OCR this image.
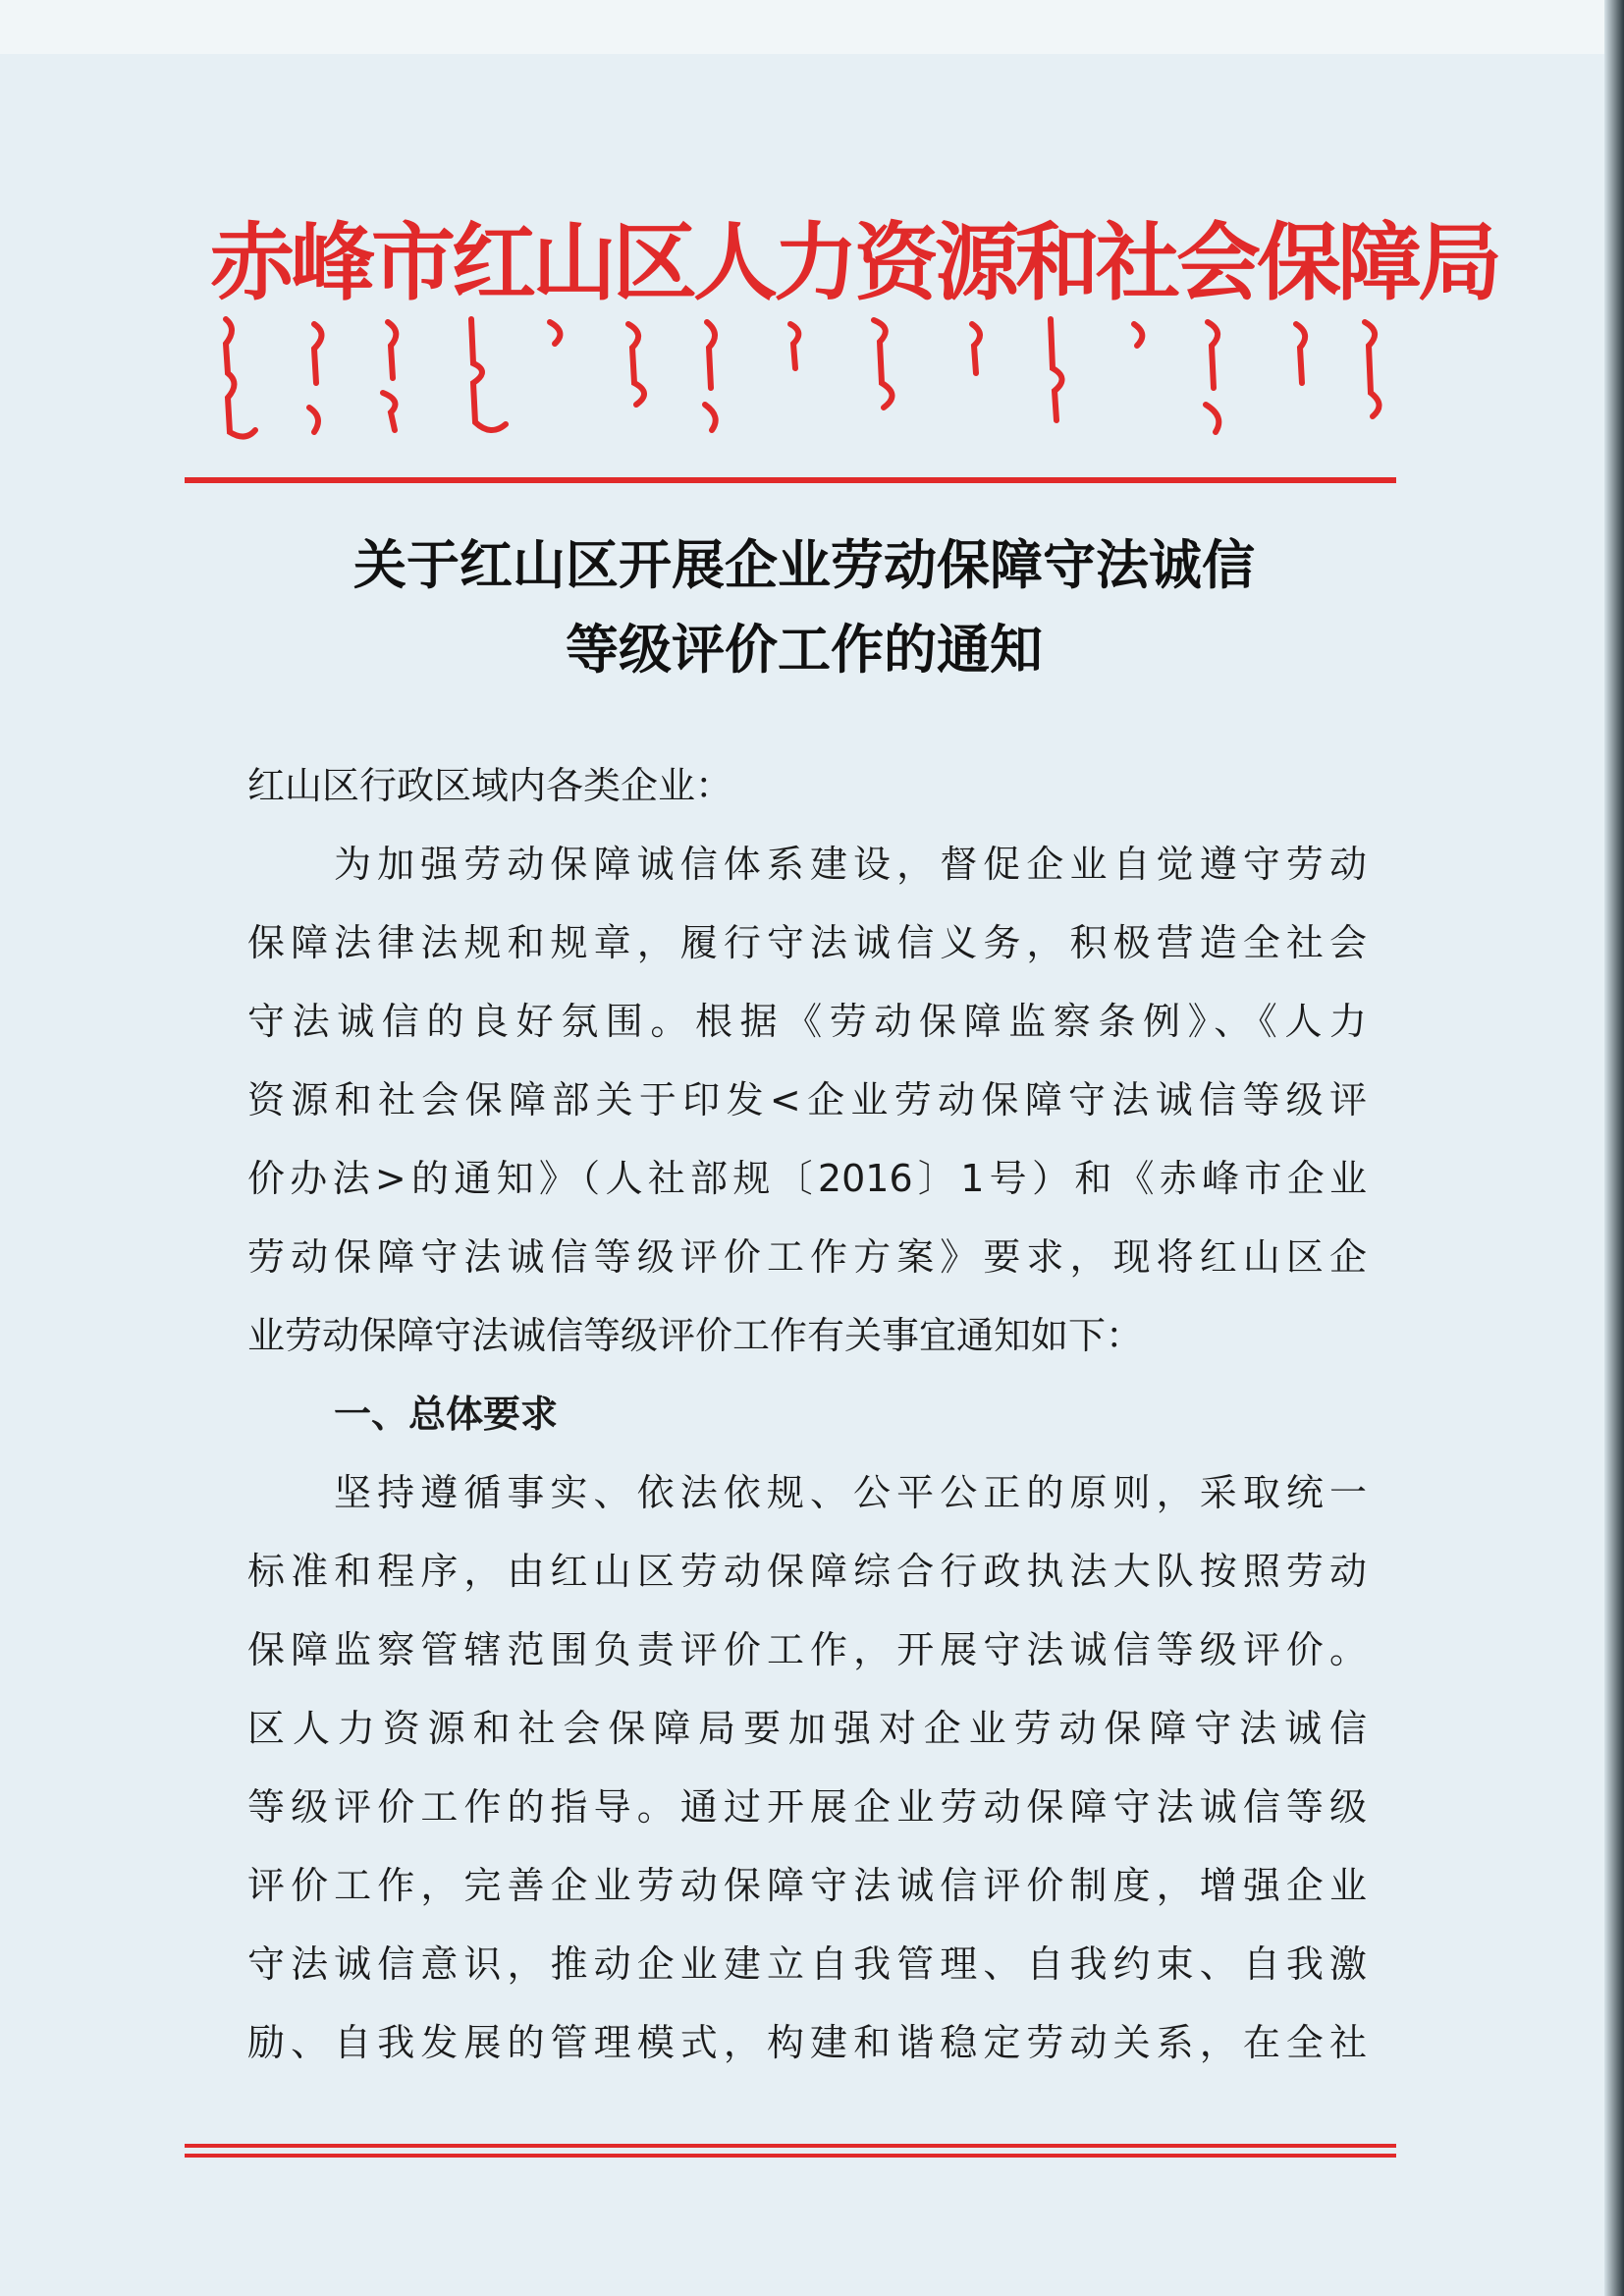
赤峰市红山区人力资源和社会保障局
关于红山区开展企业劳动保障守法诚信
等级评价工作的通知
红山区行政区域内各类企业：
为加强劳动保障诚信体系建设，督促企业自觉遵守劳动
保障法律法规和规章，履行守法诚信义务，积极营造全社会
守法诚信的良好氛围。根据《劳动保障监察条例》、《人力
资源和社会保障部关于印发<企业劳动保障守法诚信等级评
价办法>的通知》（人社部规〔2016〕1号）和《赤峰市企业
劳动保障守法诚信等级评价工作方案》要求，现将红山区企
业劳动保障守法诚信等级评价工作有关事宜通知如下：
一、总体要求
坚持遵循事实、依法依规、公平公正的原则，采取统一
标准和程序，由红山区劳动保障综合行政执法大队按照劳动
保障监察管辖范围负责评价工作，开展守法诚信等级评价。
区人力资源和社会保障局要加强对企业劳动保障守法诚信
等级评价工作的指导。通过开展企业劳动保障守法诚信等级
评价工作，完善企业劳动保障守法诚信评价制度，增强企业
守法诚信意识，推动企业建立自我管理、自我约束、自我激
励、自我发展的管理模式，构建和谐稳定劳动关系，在全社
